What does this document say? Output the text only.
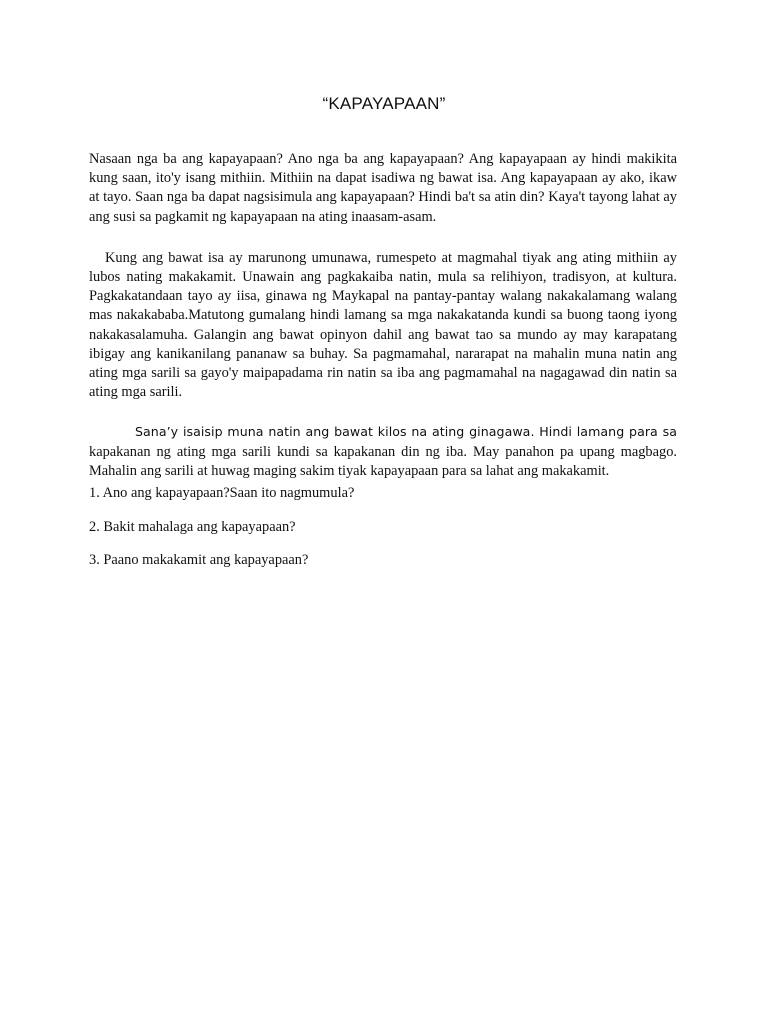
“KAPAYAPAAN”

Nasaan nga ba ang kapayapaan? Ano nga ba ang kapayapaan? Ang kapayapaan ay hindi makikita kung saan, ito'y isang mithiin. Mithiin na dapat isadiwa ng bawat isa. Ang kapayapaan ay ako, ikaw at tayo. Saan nga ba dapat nagsisimula ang kapayapaan? Hindi ba't sa atin din? Kaya't tayong lahat ay ang susi sa pagkamit ng kapayapaan na ating inaasam-asam.

Kung ang bawat isa ay marunong umunawa, rumespeto at magmahal tiyak ang ating mithiin ay lubos nating makakamit. Unawain ang pagkakaiba natin, mula sa relihiyon, tradisyon, at kultura. Pagkakatandaan tayo ay iisa, ginawa ng Maykapal na pantay-pantay walang nakakalamang walang mas nakakababa.Matutong gumalang hindi lamang sa mga nakakatanda kundi sa buong taong iyong nakakasalamuha. Galangin ang bawat opinyon dahil ang bawat tao sa mundo ay may karapatang ibigay ang kanikanilang pananaw sa buhay. Sa pagmamahal, nararapat na mahalin muna natin ang ating mga sarili sa gayo'y maipapadama rin natin sa iba ang pagmamahal na nagagawad din natin sa ating mga sarili.

Sana’y isaisip muna natin ang bawat kilos na ating ginagawa. Hindi lamang para sa kapakanan ng ating mga sarili kundi sa kapakanan din ng iba. May panahon pa upang magbago. Mahalin ang sarili at huwag maging sakim tiyak kapayapaan para sa lahat ang makakamit.

1. Ano ang kapayapaan?Saan ito nagmumula?

2. Bakit mahalaga ang kapayapaan?

3. Paano makakamit ang kapayapaan?
